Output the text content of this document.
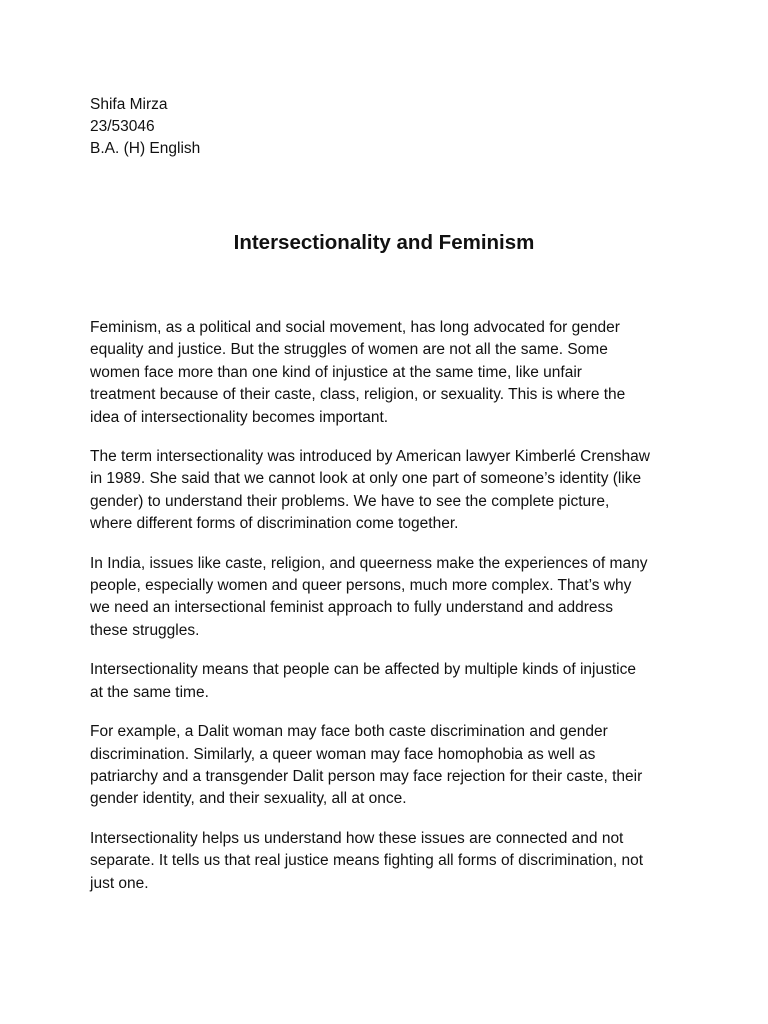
Shifa Mirza
23/53046
B.A. (H) English
Intersectionality and Feminism

Feminism, as a political and social movement, has long advocated for gender
equality and justice. But the struggles of women are not all the same. Some
women face more than one kind of injustice at the same time, like unfair
treatment because of their caste, class, religion, or sexuality. This is where the
idea of intersectionality becomes important.

The term intersectionality was introduced by American lawyer Kimberlé Crenshaw
in 1989. She said that we cannot look at only one part of someone’s identity (like
gender) to understand their problems. We have to see the complete picture,
where different forms of discrimination come together.

In India, issues like caste, religion, and queerness make the experiences of many
people, especially women and queer persons, much more complex. That’s why
we need an intersectional feminist approach to fully understand and address
these struggles.

Intersectionality means that people can be affected by multiple kinds of injustice
at the same time.

For example, a Dalit woman may face both caste discrimination and gender
discrimination. Similarly, a queer woman may face homophobia as well as
patriarchy and a transgender Dalit person may face rejection for their caste, their
gender identity, and their sexuality, all at once.

Intersectionality helps us understand how these issues are connected and not
separate. It tells us that real justice means fighting all forms of discrimination, not
just one.
